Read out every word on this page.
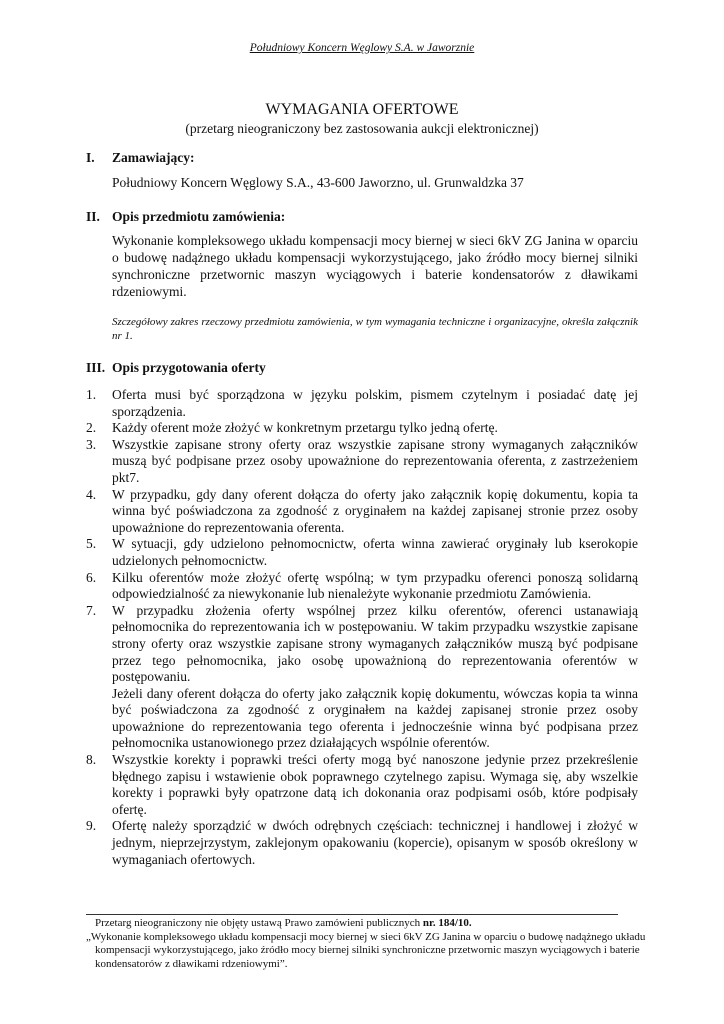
Południowy Koncern Węglowy S.A. w Jaworznie
WYMAGANIA OFERTOWE
(przetarg nieograniczony bez zastosowania aukcji elektronicznej)
I. Zamawiający:
Południowy Koncern Węglowy S.A., 43-600 Jaworzno, ul. Grunwaldzka 37
II. Opis przedmiotu zamówienia:
Wykonanie kompleksowego układu kompensacji mocy biernej w sieci 6kV ZG Janina w oparciu o budowę nadążnego układu kompensacji wykorzystującego, jako źródło mocy biernej silniki synchroniczne przetwornic maszyn wyciągowych i baterie kondensatorów z dławikami rdzeniowymi.
Szczegółowy zakres rzeczowy przedmiotu zamówienia, w tym wymagania techniczne i organizacyjne, określa załącznik nr 1.
III. Opis przygotowania oferty
1. Oferta musi być sporządzona w języku polskim, pismem czytelnym i posiadać datę jej sporządzenia.

2. Każdy oferent może złożyć w konkretnym przetargu tylko jedną ofertę.

3. Wszystkie zapisane strony oferty oraz wszystkie zapisane strony wymaganych załączników muszą być podpisane przez osoby upoważnione do reprezentowania oferenta, z zastrzeżeniem pkt7.

4. W przypadku, gdy dany oferent dołącza do oferty jako załącznik kopię dokumentu, kopia ta winna być poświadczona za zgodność z oryginałem na każdej zapisanej stronie przez osoby upoważnione do reprezentowania oferenta.

5. W sytuacji, gdy udzielono pełnomocnictw, oferta winna zawierać oryginały lub kserokopie udzielonych pełnomocnictw.

6. Kilku oferentów może złożyć ofertę wspólną; w tym przypadku oferenci ponoszą solidarną odpowiedzialność za niewykonanie lub nienależyte wykonanie przedmiotu Zamówienia.

7. W przypadku złożenia oferty wspólnej przez kilku oferentów, oferenci ustanawiają pełnomocnika do reprezentowania ich w postępowaniu. W takim przypadku wszystkie zapisane strony oferty oraz wszystkie zapisane strony wymaganych załączników muszą być podpisane przez tego pełnomocnika, jako osobę upoważnioną do reprezentowania oferentów w postępowaniu.

Jeżeli dany oferent dołącza do oferty jako załącznik kopię dokumentu, wówczas kopia ta winna być poświadczona za zgodność z oryginałem na każdej zapisanej stronie przez osoby upoważnione do reprezentowania tego oferenta i jednocześnie winna być podpisana przez pełnomocnika ustanowionego przez działających wspólnie oferentów.

8. Wszystkie korekty i poprawki treści oferty mogą być nanoszone jedynie przez przekreślenie błędnego zapisu i wstawienie obok poprawnego czytelnego zapisu. Wymaga się, aby wszelkie korekty i poprawki były opatrzone datą ich dokonania oraz podpisami osób, które podpisały ofertę.

9. Ofertę należy sporządzić w dwóch odrębnych częściach: technicznej i handlowej i złożyć w jednym, nieprzejrzystym, zaklejonym opakowaniu (kopercie), opisanym w sposób określony w wymaganiach ofertowych.

Przetarg nieograniczony nie objęty ustawą Prawo zamówieni publicznych nr. 184/10.

„Wykonanie kompleksowego układu kompensacji mocy biernej w sieci 6kV ZG Janina w oparciu o budowę nadążnego układu kompensacji wykorzystującego, jako źródło mocy biernej silniki synchroniczne przetwornic maszyn wyciągowych i baterie kondensatorów z dławikami rdzeniowymi”.
